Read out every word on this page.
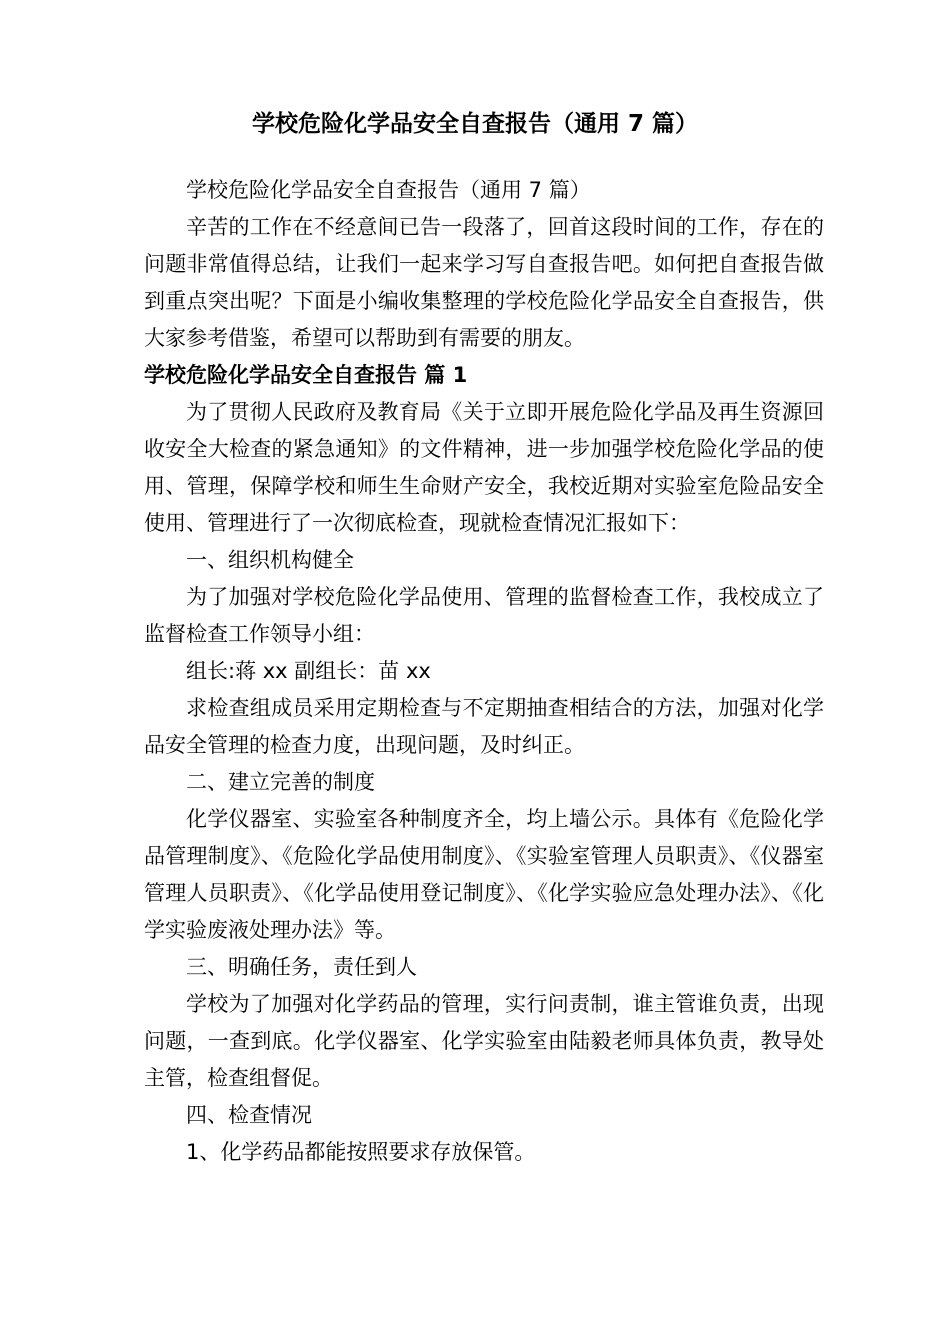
学校危险化学品安全自查报告（通用 7 篇）

学校危险化学品安全自查报告（通用 7 篇）

辛苦的工作在不经意间已告一段落了，回首这段时间的工作，存在的问题非常值得总结，让我们一起来学习写自查报告吧。如何把自查报告做到重点突出呢？下面是小编收集整理的学校危险化学品安全自查报告，供大家参考借鉴，希望可以帮助到有需要的朋友。

学校危险化学品安全自查报告 篇 1

为了贯彻人民政府及教育局《关于立即开展危险化学品及再生资源回收安全大检查的紧急通知》的文件精神，进一步加强学校危险化学品的使用、管理，保障学校和师生生命财产安全，我校近期对实验室危险品安全使用、管理进行了一次彻底检查，现就检查情况汇报如下：

一、组织机构健全

为了加强对学校危险化学品使用、管理的监督检查工作，我校成立了监督检查工作领导小组：

组长:蒋 xx 副组长：苗 xx

求检查组成员采用定期检查与不定期抽查相结合的方法，加强对化学品安全管理的检查力度，出现问题，及时纠正。

二、建立完善的制度

化学仪器室、实验室各种制度齐全，均上墙公示。具体有《危险化学品管理制度》、《危险化学品使用制度》、《实验室管理人员职责》、《仪器室管理人员职责》、《化学品使用登记制度》、《化学实验应急处理办法》、《化学实验废液处理办法》等。

三、明确任务，责任到人

学校为了加强对化学药品的管理，实行问责制，谁主管谁负责，出现问题，一查到底。化学仪器室、化学实验室由陆毅老师具体负责，教导处主管，检查组督促。

四、检查情况

1、化学药品都能按照要求存放保管。
